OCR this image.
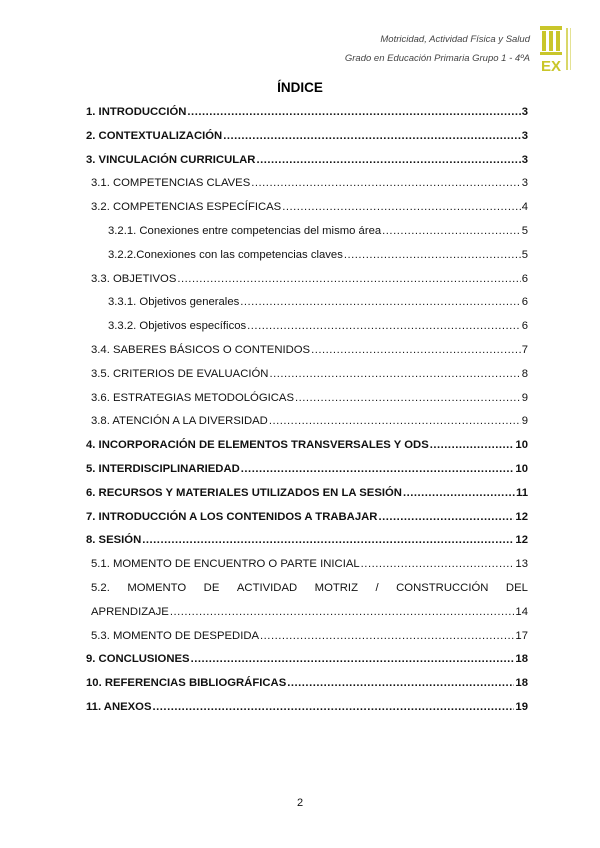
Motricidad, Actividad Física y Salud
Grado en Educación Primaria Grupo 1 - 4ºA EX
ÍNDICE
1. INTRODUCCIÓN .....	3
2. CONTEXTUALIZACIÓN .....	3
3. VINCULACIÓN CURRICULAR .....	3
3.1. COMPETENCIAS CLAVES .....	3
3.2. COMPETENCIAS ESPECÍFICAS .....	4
3.2.1. Conexiones entre competencias del mismo área .....	5
3.2.2.Conexiones con las competencias claves .....	5
3.3. OBJETIVOS .....	6
3.3.1. Objetivos generales .....	6
3.3.2. Objetivos específicos .....	6
3.4. SABERES BÁSICOS O CONTENIDOS .....	7
3.5. CRITERIOS DE EVALUACIÓN .....	8
3.6. ESTRATEGIAS METODOLÓGICAS .....	9
3.8. ATENCIÓN A LA DIVERSIDAD .....	9
4. INCORPORACIÓN DE ELEMENTOS TRANSVERSALES Y ODS .....	10
5. INTERDISCIPLINARIEDAD .....	10
6. RECURSOS Y MATERIALES UTILIZADOS EN LA SESIÓN .....	11
7. INTRODUCCIÓN A LOS CONTENIDOS A TRABAJAR .....	12
8. SESIÓN .....	12
5.1. MOMENTO DE ENCUENTRO O PARTE INICIAL .....	13
5.2. MOMENTO DE ACTIVIDAD MOTRIZ / CONSTRUCCIÓN DEL
APRENDIZAJE .....	14
5.3. MOMENTO DE DESPEDIDA .....	17
9. CONCLUSIONES .....	18
10. REFERENCIAS BIBLIOGRÁFICAS .....	18
11. ANEXOS .....	19
2
